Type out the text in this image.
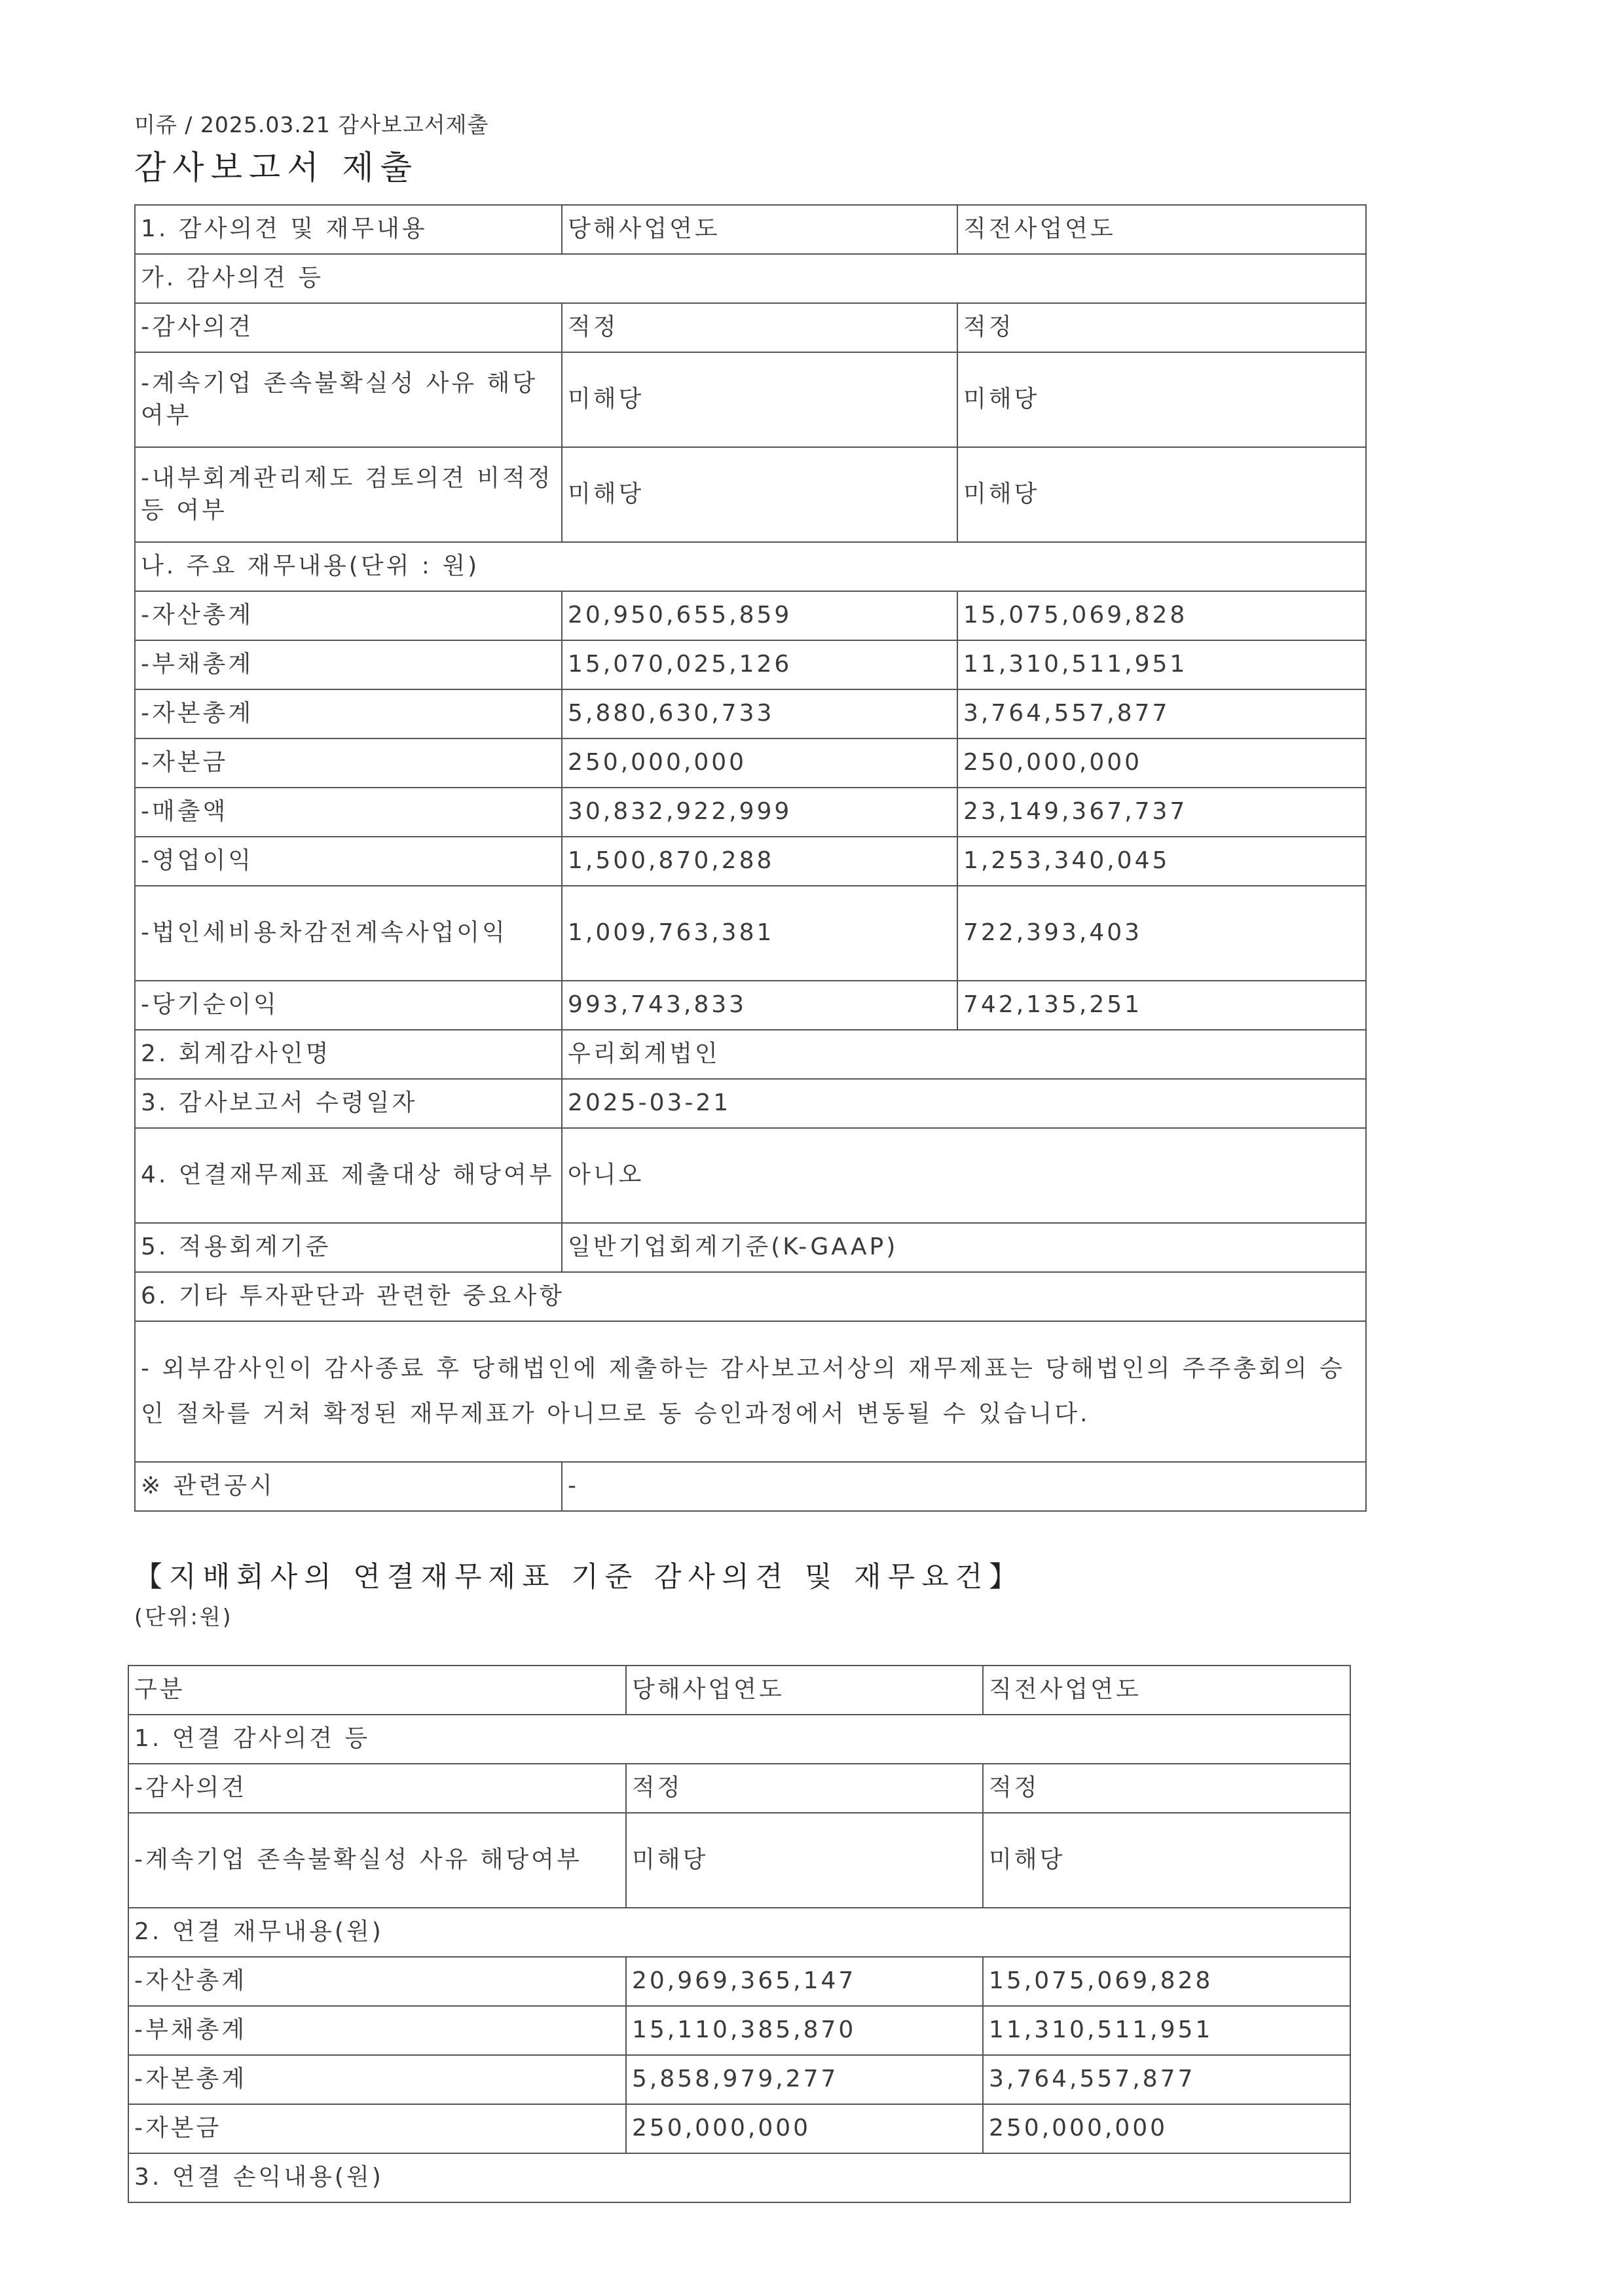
미쥬 / 2025.03.21 감사보고서제출
감사보고서 제출
1. 감사의견 및 재무내용	당해사업연도	직전사업연도
가. 감사의견 등		
-감사의견	적정	적정
-계속기업 존속불확실성 사유 해당여부	미해당	미해당
-내부회계관리제도 검토의견 비적정 등 여부	미해당	미해당
나. 주요 재무내용(단위 : 원)		
-자산총계	20,950,655,859	15,075,069,828
-부채총계	15,070,025,126	11,310,511,951
-자본총계	5,880,630,733	3,764,557,877
-자본금	250,000,000	250,000,000
-매출액	30,832,922,999	23,149,367,737
-영업이익	1,500,870,288	1,253,340,045
-법인세비용차감전계속사업이익	1,009,763,381	722,393,403
-당기순이익	993,743,833	742,135,251
2. 회계감사인명	우리회계법인	
3. 감사보고서 수령일자	2025-03-21	
4. 연결재무제표 제출대상 해당여부	아니오	
5. 적용회계기준	일반기업회계기준(K-GAAP)	
6. 기타 투자판단과 관련한 중요사항		
- 외부감사인이 감사종료 후 당해법인에 제출하는 감사보고서상의 재무제표는 당해법인의 주주총회의 승인 절차를 거쳐 확정된 재무제표가 아니므로 동 승인과정에서 변동될 수 있습니다.		
※ 관련공시	-	
【지배회사의 연결재무제표 기준 감사의견 및 재무요건】
(단위:원)
구분	당해사업연도	직전사업연도
1. 연결 감사의견 등		
-감사의견	적정	적정
-계속기업 존속불확실성 사유 해당여부	미해당	미해당
2. 연결 재무내용(원)		
-자산총계	20,969,365,147	15,075,069,828
-부채총계	15,110,385,870	11,310,511,951
-자본총계	5,858,979,277	3,764,557,877
-자본금	250,000,000	250,000,000
3. 연결 손익내용(원)		
